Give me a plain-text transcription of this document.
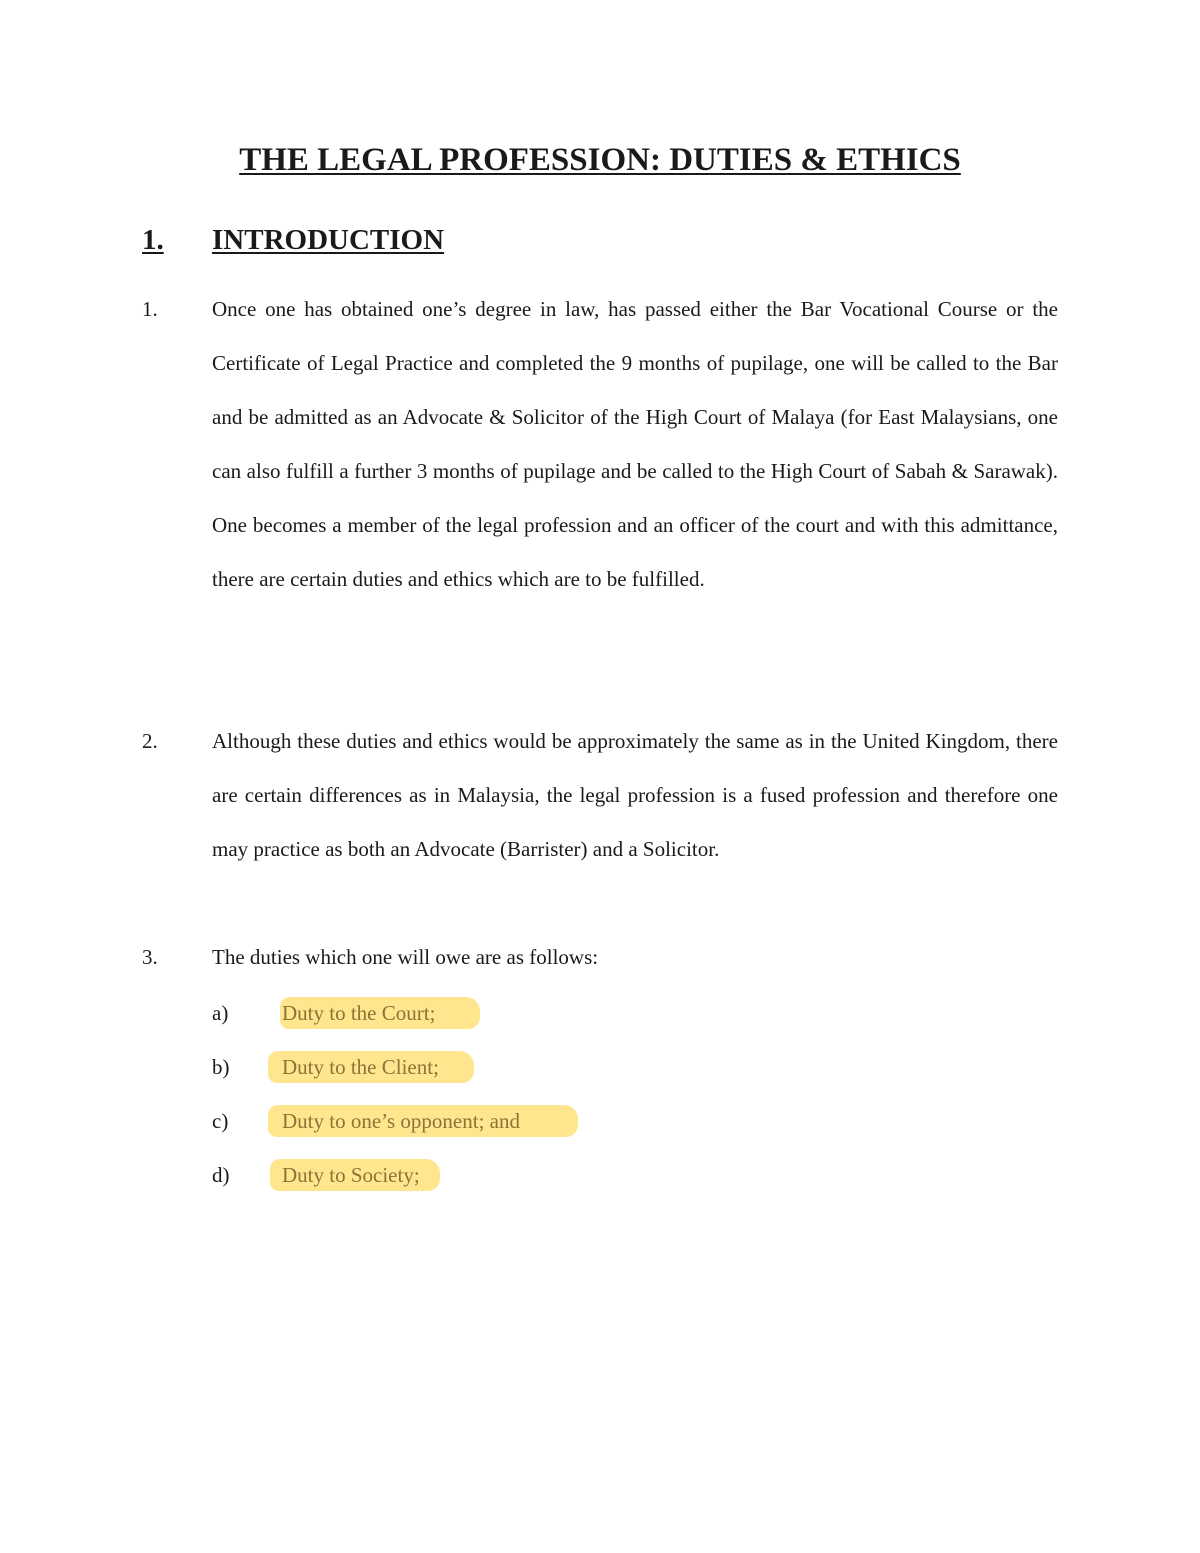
THE LEGAL PROFESSION: DUTIES & ETHICS
1. INTRODUCTION
1.	Once one has obtained one’s degree in law, has passed either the Bar Vocational Course or the Certificate of Legal Practice and completed the 9 months of pupilage, one will be called to the Bar and be admitted as an Advocate & Solicitor of the High Court of Malaya (for East Malaysians, one can also fulfill a further 3 months of pupilage and be called to the High Court of Sabah & Sarawak). One becomes a member of the legal profession and an officer of the court and with this admittance, there are certain duties and ethics which are to be fulfilled.
2.	Although these duties and ethics would be approximately the same as in the United Kingdom, there are certain differences as in Malaysia, the legal profession is a fused profession and therefore one may practice as both an Advocate (Barrister) and a Solicitor.
3.	The duties which one will owe are as follows:
a)	Duty to the Court;
b)	Duty to the Client;
c)	Duty to one’s opponent; and
d)	Duty to Society;
